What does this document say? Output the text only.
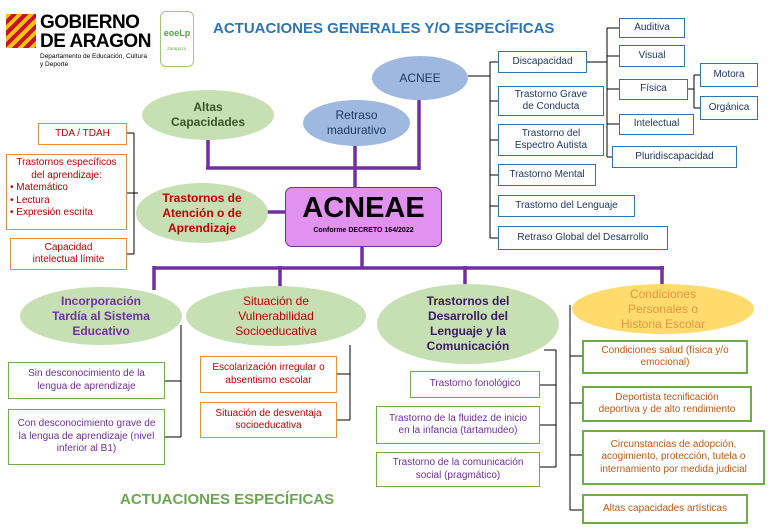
GOBIERNO
DE ARAGON
Departamento de Educación, Cultura
y Deporte
eoeLp
Zaragoza
ACTUACIONES GENERALES Y/O ESPECÍFICAS
ACTUACIONES ESPECÍFICAS
ACNEE
Retraso madurativo
Altas Capacidades
Trastornos de Atención o de Aprendizaje
ACNEAE
Conforme DECRETO 164/2022
Discapacidad
Trastorno Grave de Conducta
Trastorno del Espectro Autista
Trastorno Mental
Trastorno del Lenguaje
Retraso Global del Desarrollo
Auditiva
Visual
Física
Intelectual
Pluridiscapacidad
Motora
Orgánica
TDA / TDAH
Trastornos específicos del aprendizaje:
• Matemático
• Lectura
• Expresión escrita
Capacidad intelectual límite
Incorporación Tardía al Sistema Educativo
Situación de Vulnerabilidad Socioeducativa
Trastornos del Desarrollo del Lenguaje y la Comunicación
Condiciones Personales o Historia Escolar
Sin desconocimiento de la lengua de aprendizaje
Con desconocimiento grave de la lengua de aprendizaje (nivel inferior al B1)
Escolarización irregular o absentismo escolar
Situación de desventaja socioeducativa
Trastorno fonológico
Trastorno de la fluidez de inicio en la infancia (tartamudeo)
Trastorno de la comunicación social (pragmático)
Condiciones salud (física y/o emocional)
Deportista tecnificación deportiva y de alto rendimiento
Circunstancias de adopción, acogimiento, protección, tutela o internamiento por medida judicial
Altas capacidades artísticas
